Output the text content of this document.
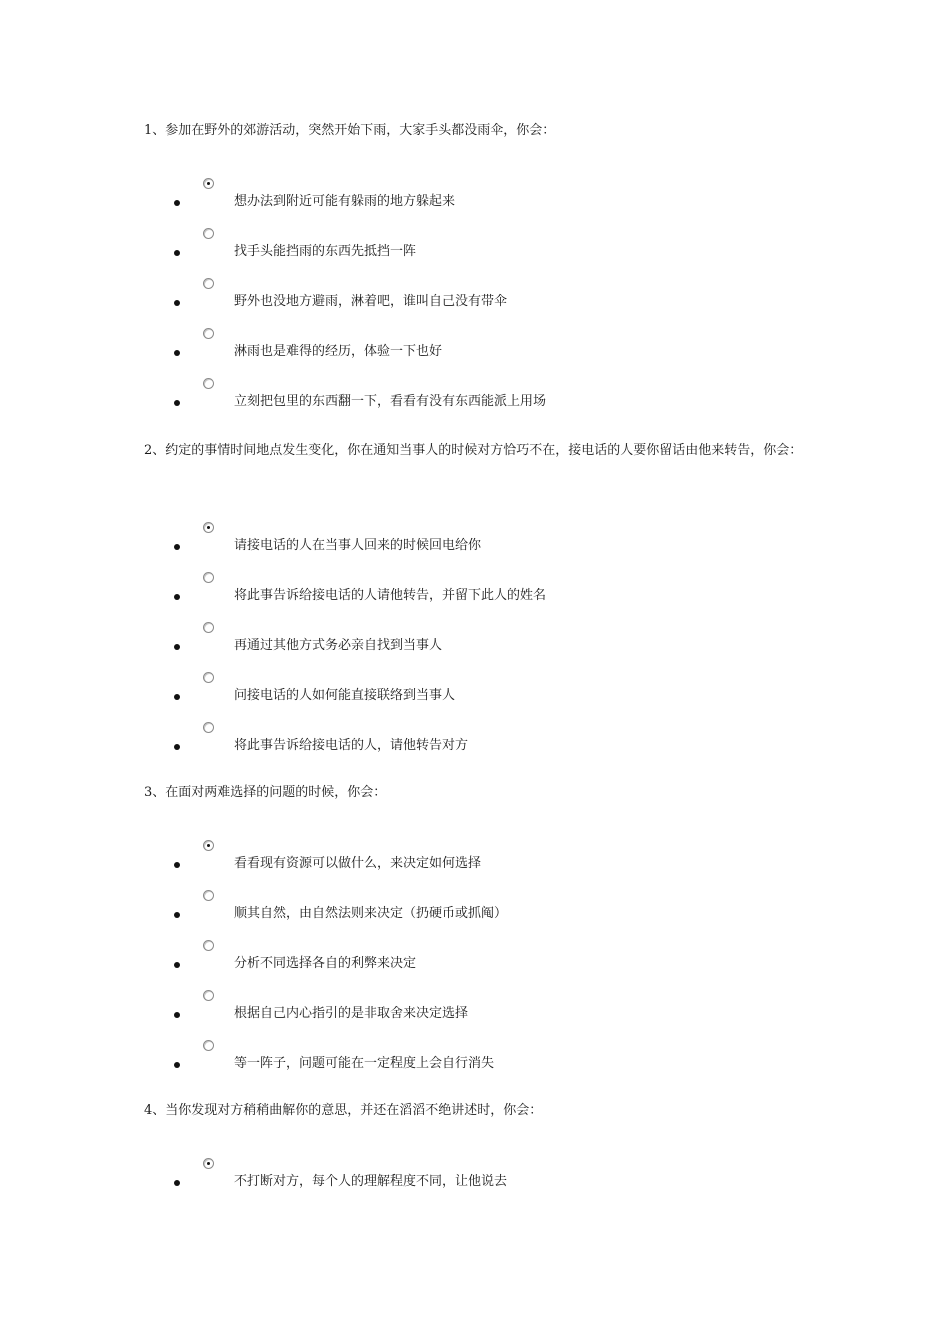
1、参加在野外的郊游活动，突然开始下雨，大家手头都没雨伞，你会：
想办法到附近可能有躲雨的地方躲起来
找手头能挡雨的东西先抵挡一阵
野外也没地方避雨，淋着吧，谁叫自己没有带伞
淋雨也是难得的经历，体验一下也好
立刻把包里的东西翻一下，看看有没有东西能派上用场
2、约定的事情时间地点发生变化，你在通知当事人的时候对方恰巧不在，接电话的人要你留话由他来转告，你会：
请接电话的人在当事人回来的时候回电给你
将此事告诉给接电话的人请他转告，并留下此人的姓名
再通过其他方式务必亲自找到当事人
问接电话的人如何能直接联络到当事人
将此事告诉给接电话的人，请他转告对方
3、在面对两难选择的问题的时候，你会：
看看现有资源可以做什么，来决定如何选择
顺其自然，由自然法则来决定（扔硬币或抓阄）
分析不同选择各自的利弊来决定
根据自己内心指引的是非取舍来决定选择
等一阵子，问题可能在一定程度上会自行消失
4、当你发现对方稍稍曲解你的意思，并还在滔滔不绝讲述时，你会：
不打断对方，每个人的理解程度不同，让他说去
